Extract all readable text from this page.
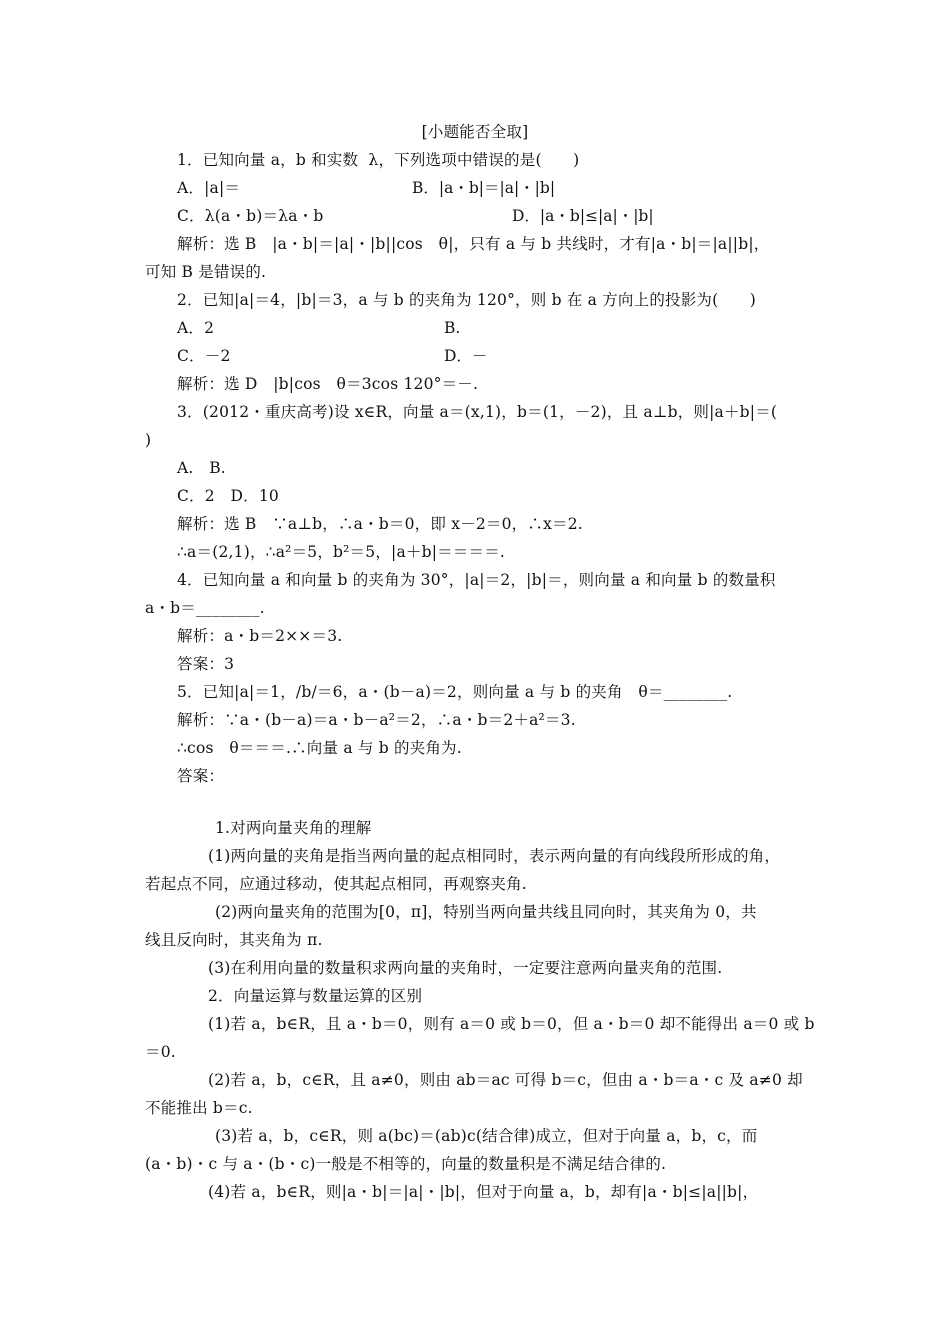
[小题能否全取]
1．已知向量 a，b 和实数  λ，下列选项中错误的是(　　)
A．|a|＝	B．|a・b|＝|a|・|b|
C．λ(a・b)＝λa・b	D．|a・b|≤|a|・|b|
解析：选 B　|a・b|＝|a|・|b||cos　θ|，只有 a 与 b 共线时，才有|a・b|＝|a||b|，
可知 B 是错误的.
2．已知|a|＝4，|b|＝3，a 与 b 的夹角为 120°，则 b 在 a 方向上的投影为(　　)
A．2	B.
C．－2	D．－
解析：选 D　|b|cos　θ＝3cos 120°＝－.
3．(2012・重庆高考)设 x∈R，向量 a＝(x,1)，b＝(1，－2)，且 a⊥b，则|a＋b|＝(
)
A.　B.
C．2　D．10
解析：选 B　∵a⊥b，∴a・b＝0，即 x－2＝0，∴x＝2.
∴a＝(2,1)，∴a²＝5，b²＝5，|a＋b|＝＝＝＝.
4．已知向量 a 和向量 b 的夹角为 30°，|a|＝2，|b|＝，则向量 a 和向量 b 的数量积
a・b＝________.
解析：a・b＝2××＝3.
答案：3
5．已知|a|＝1，/b/＝6，a・(b－a)＝2，则向量 a 与 b 的夹角　θ＝________.
解析：∵a・(b－a)＝a・b－a²＝2，∴a・b＝2＋a²＝3.
∴cos　θ＝＝＝.∴向量 a 与 b 的夹角为.
答案：
1.对两向量夹角的理解
(1)两向量的夹角是指当两向量的起点相同时，表示两向量的有向线段所形成的角，
若起点不同，应通过移动，使其起点相同，再观察夹角.
(2)两向量夹角的范围为[0，π]，特别当两向量共线且同向时，其夹角为 0，共
线且反向时，其夹角为 π.
(3)在利用向量的数量积求两向量的夹角时，一定要注意两向量夹角的范围.
2．向量运算与数量运算的区别
(1)若 a，b∈R，且 a・b＝0，则有 a＝0 或 b＝0，但 a・b＝0 却不能得出 a＝0 或 b
＝0.
(2)若 a，b，c∈R，且 a≠0，则由 ab＝ac 可得 b＝c，但由 a・b＝a・c 及 a≠0 却
不能推出 b＝c.
(3)若 a，b，c∈R，则 a(bc)＝(ab)c(结合律)成立，但对于向量 a，b，c，而
(a・b)・c 与 a・(b・c)一般是不相等的，向量的数量积是不满足结合律的.
(4)若 a，b∈R，则|a・b|＝|a|・|b|，但对于向量 a，b，却有|a・b|≤|a||b|，
